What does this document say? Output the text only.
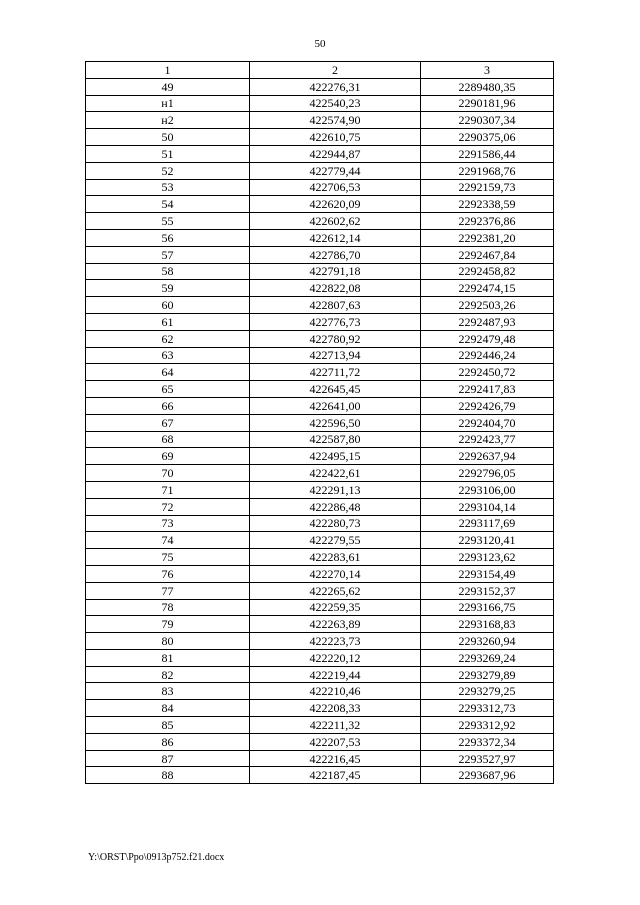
50
1	2	3
49	422276,31	2289480,35
н1	422540,23	2290181,96
н2	422574,90	2290307,34
50	422610,75	2290375,06
51	422944,87	2291586,44
52	422779,44	2291968,76
53	422706,53	2292159,73
54	422620,09	2292338,59
55	422602,62	2292376,86
56	422612,14	2292381,20
57	422786,70	2292467,84
58	422791,18	2292458,82
59	422822,08	2292474,15
60	422807,63	2292503,26
61	422776,73	2292487,93
62	422780,92	2292479,48
63	422713,94	2292446,24
64	422711,72	2292450,72
65	422645,45	2292417,83
66	422641,00	2292426,79
67	422596,50	2292404,70
68	422587,80	2292423,77
69	422495,15	2292637,94
70	422422,61	2292796,05
71	422291,13	2293106,00
72	422286,48	2293104,14
73	422280,73	2293117,69
74	422279,55	2293120,41
75	422283,61	2293123,62
76	422270,14	2293154,49
77	422265,62	2293152,37
78	422259,35	2293166,75
79	422263,89	2293168,83
80	422223,73	2293260,94
81	422220,12	2293269,24
82	422219,44	2293279,89
83	422210,46	2293279,25
84	422208,33	2293312,73
85	422211,32	2293312,92
86	422207,53	2293372,34
87	422216,45	2293527,97
88	422187,45	2293687,96
Y:\ORST\Ppo\0913p752.f21.docx
